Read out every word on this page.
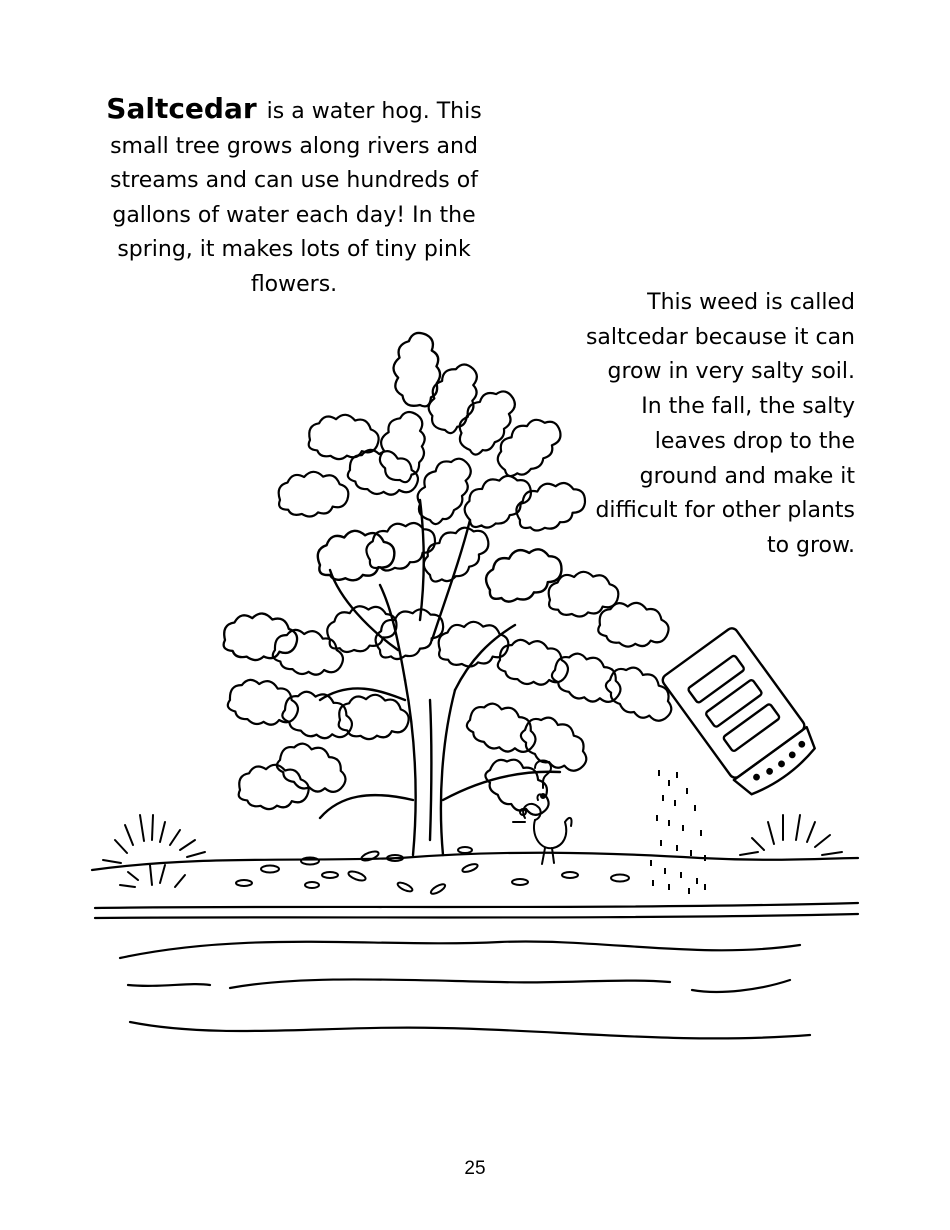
Saltcedar is a water hog. This small tree grows along rivers and streams and can use hundreds of gallons of water each day! In the spring, it makes lots of tiny pink flowers.
This weed is called saltcedar because it can grow in very salty soil. In the fall, the salty leaves drop to the ground and make it difficult for other plants to grow.
25
